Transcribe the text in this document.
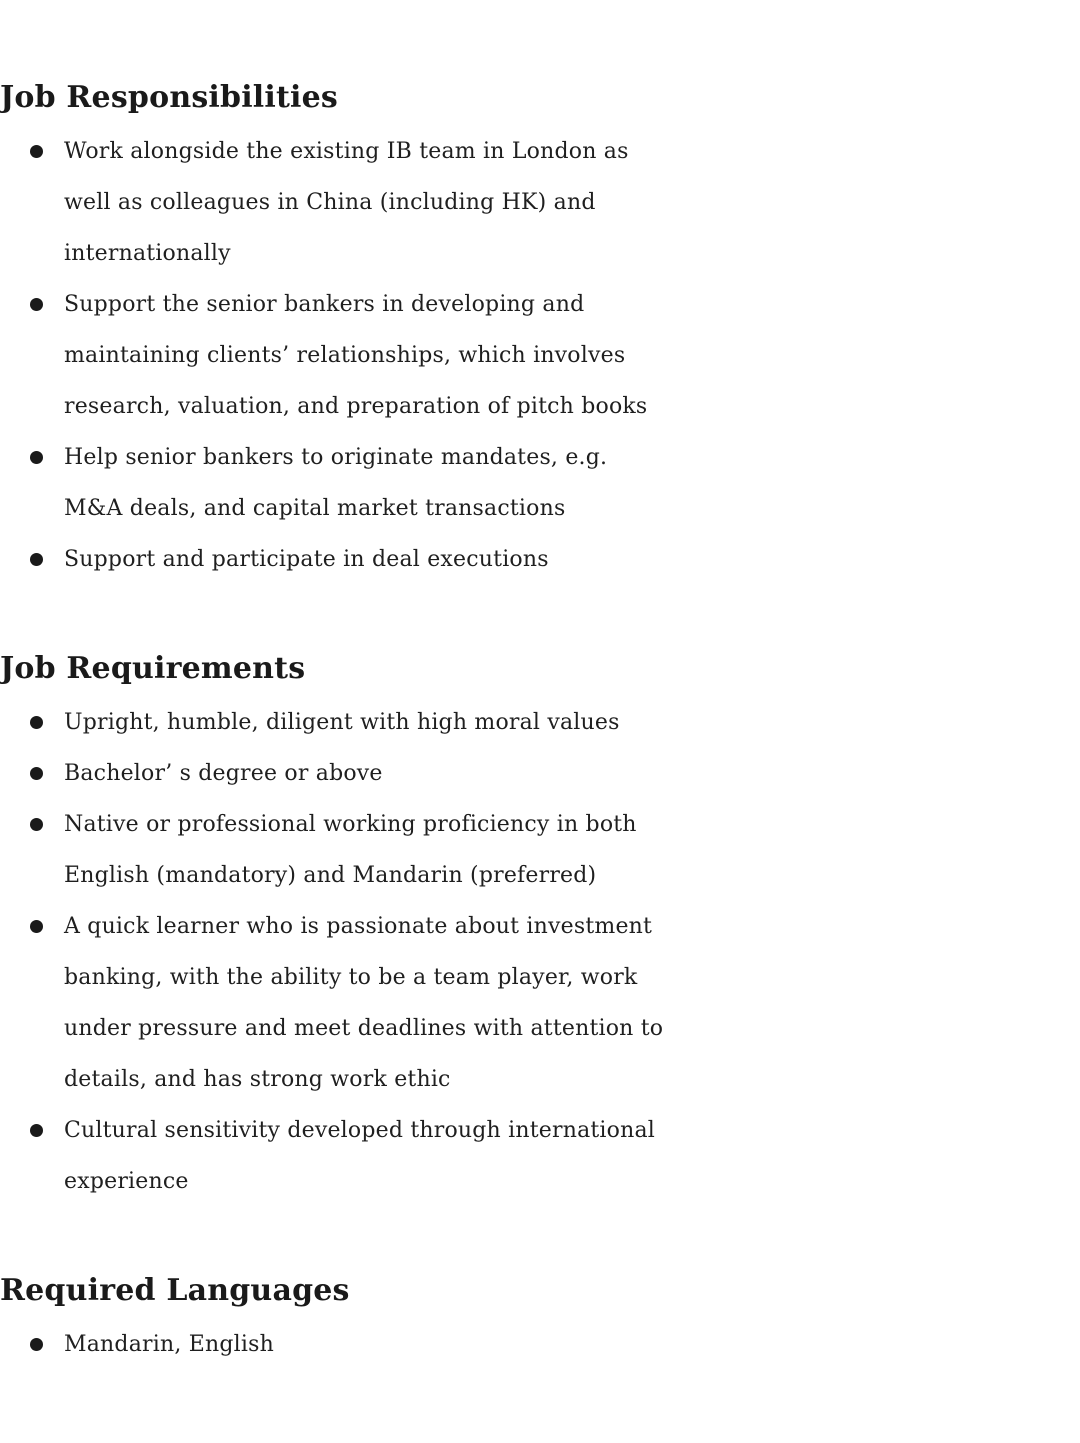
Job Responsibilities
Work alongside the existing IB team in London as
well as colleagues in China (including HK) and
internationally
Support the senior bankers in developing and
maintaining clients’ relationships, which involves
research, valuation, and preparation of pitch books
Help senior bankers to originate mandates, e.g.
M&A deals, and capital market transactions
Support and participate in deal executions
Job Requirements
Upright, humble, diligent with high moral values
Bachelor’ s degree or above
Native or professional working proficiency in both
English (mandatory) and Mandarin (preferred)
A quick learner who is passionate about investment
banking, with the ability to be a team player, work
under pressure and meet deadlines with attention to
details, and has strong work ethic
Cultural sensitivity developed through international
experience
Required Languages
Mandarin, English
